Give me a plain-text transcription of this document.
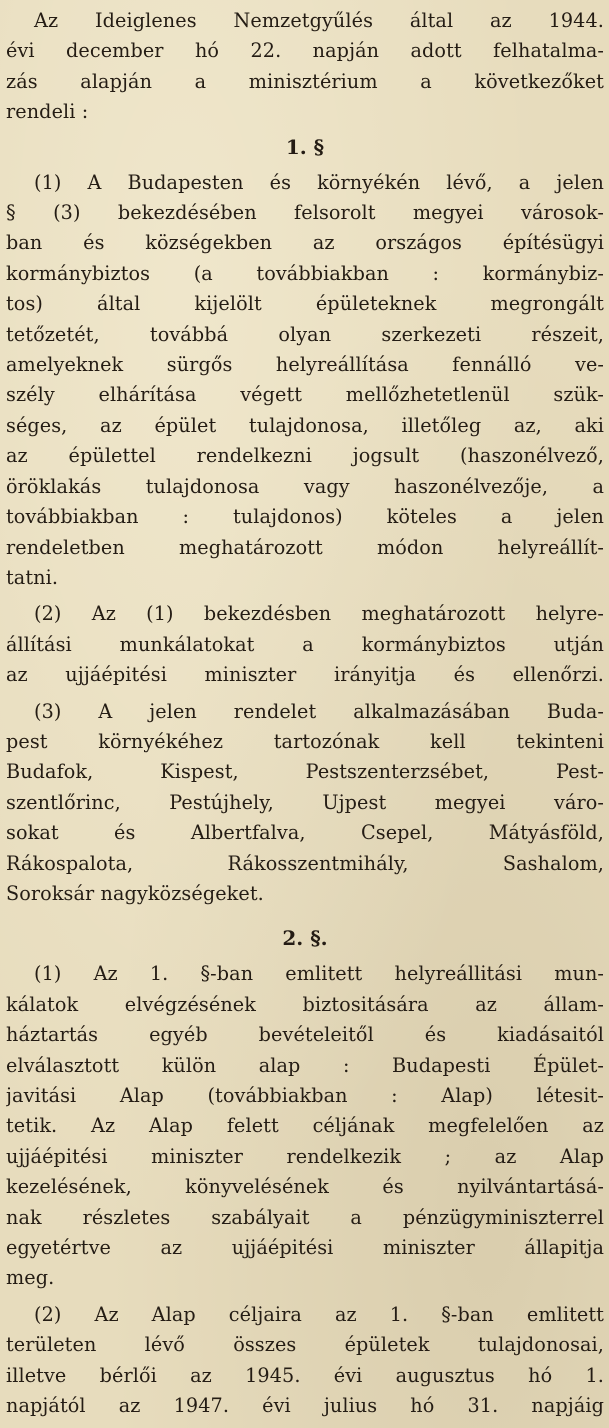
Az Ideiglenes Nemzetgyűlés által az 1944.
évi december hó 22. napján adott felhatalma-
zás alapján a minisztérium a következőket
rendeli :
1. §
(1) A Budapesten és környékén lévő, a jelen
§ (3) bekezdésében felsorolt megyei városok-
ban és községekben az országos építésügyi
kormánybiztos (a továbbiakban : kormánybiz-
tos) által kijelölt épületeknek megrongált
tetőzetét, továbbá olyan szerkezeti részeit,
amelyeknek sürgős helyreállítása fennálló ve-
szély elhárítása végett mellőzhetetlenül szük-
séges, az épület tulajdonosa, illetőleg az, aki
az épülettel rendelkezni jogsult (haszonélvező,
öröklakás tulajdonosa vagy haszonélvezője, a
továbbiakban : tulajdonos) köteles a jelen
rendeletben meghatározott módon helyreállít-
tatni.
(2) Az (1) bekezdésben meghatározott helyre-
állítási munkálatokat a kormánybiztos utján
az ujjáépitési miniszter irányitja és ellenőrzi.
(3) A jelen rendelet alkalmazásában Buda-
pest környékéhez tartozónak kell tekinteni
Budafok, Kispest, Pestszenterzsébet, Pest-
szentlőrinc, Pestújhely, Ujpest megyei váro-
sokat és Albertfalva, Csepel, Mátyásföld,
Rákospalota, Rákosszentmihály, Sashalom,
Soroksár nagyközségeket.
2. §.
(1) Az 1. §-ban emlitett helyreállitási mun-
kálatok elvégzésének biztositására az állam-
háztartás egyéb bevételeitől és kiadásaitól
elválasztott külön alap : Budapesti Épület-
javitási Alap (továbbiakban : Alap) létesit-
tetik. Az Alap felett céljának megfelelően az
ujjáépitési miniszter rendelkezik ; az Alap
kezelésének, könyvelésének és nyilvántartásá-
nak részletes szabályait a pénzügyminiszterrel
egyetértve az ujjáépitési miniszter állapitja
meg.
(2) Az Alap céljaira az 1. §-ban emlitett
területen lévő összes épületek tulajdonosai,
illetve bérlői az 1945. évi augusztus hó 1.
napjától az 1947. évi julius hó 31. napjáig
